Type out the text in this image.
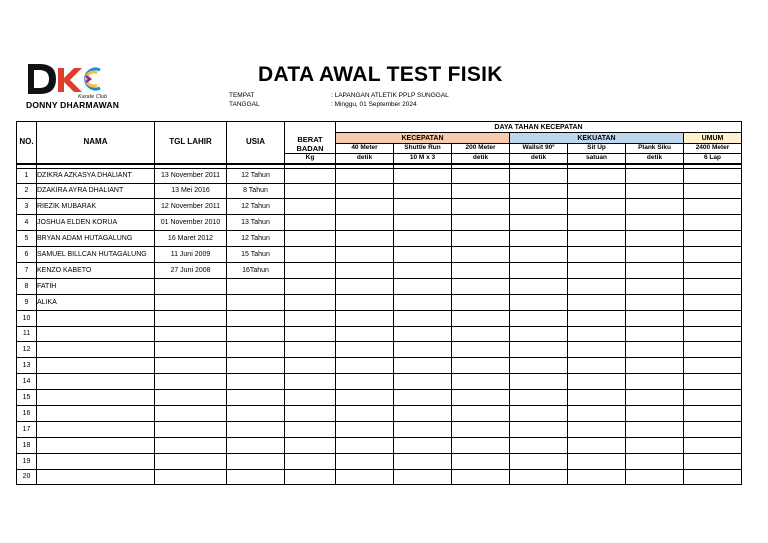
Karate Club
DONNY DHARMAWAN
DATA AWAL TEST FISIK
TEMPAT	: LAPANGAN ATLETIK PPLP SUNGGAL
TANGGAL	: Minggu, 01 September 2024
NO.	NAMA	TGL LAHIR	USIA	BERAT	DAYA TAHAN KECEPATAN						
					KECEPATAN			KEKUATAN			UMUM
				BADAN	40 Meter	Shuttle Run	200 Meter	Wallsit 90º	Sit Up	Plank Siku	2400 Meter
				Kg	detik	10 M x 3	detik	detik	satuan	detik	6 Lap

1	DZIKRA AZKASYA DHALIANT	13 November 2011	12 Tahun								
2	DZAKIRA AYRA DHALIANT	13 Mei 2016	8 Tahun								
3	RIEZIK MUBARAK	12 November 2011	12 Tahun								
4	JOSHUA ELDEN KORUA	01 November 2010	13 Tahun								
5	BRYAN ADAM HUTAGALUNG	16 Maret 2012	12 Tahun								
6	SAMUEL BILLCAN HUTAGALUNG	11 Juni 2009	15 Tahun								
7	KENZO KABETO	27 Juni 2008	16Tahun								
8	FATIH										
9	ALIKA										
10											
11											
12											
13											
14											
15											
16											
17											
18											
19											
20											
